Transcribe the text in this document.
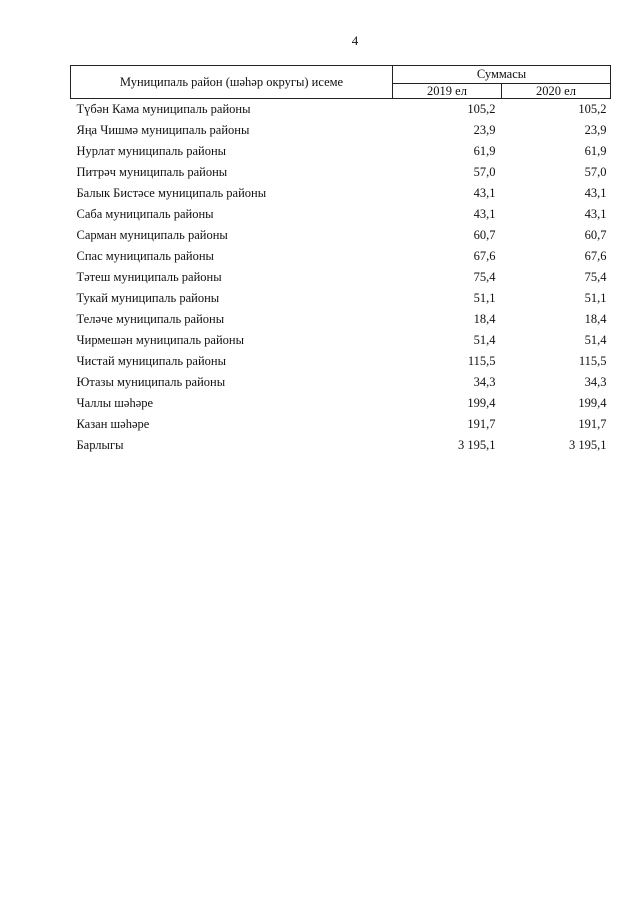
4
Муниципаль район (шәһәр округы) исеме	Суммасы	
	2019 ел	2020 ел
Түбән Кама муниципаль районы	105,2	105,2
Яңа Чишмә муниципаль районы	23,9	23,9
Нурлат муниципаль районы	61,9	61,9
Питрәч муниципаль районы	57,0	57,0
Балык Бистәсе муниципаль районы	43,1	43,1
Саба муниципаль районы	43,1	43,1
Сарман муниципаль районы	60,7	60,7
Спас муниципаль районы	67,6	67,6
Тәтеш муниципаль районы	75,4	75,4
Тукай муниципаль районы	51,1	51,1
Теләче муниципаль районы	18,4	18,4
Чирмешән муниципаль районы	51,4	51,4
Чистай муниципаль районы	115,5	115,5
Ютазы муниципаль районы	34,3	34,3
Чаллы шәһәре	199,4	199,4
Казан шәһәре	191,7	191,7
Барлыгы	3 195,1	3 195,1
